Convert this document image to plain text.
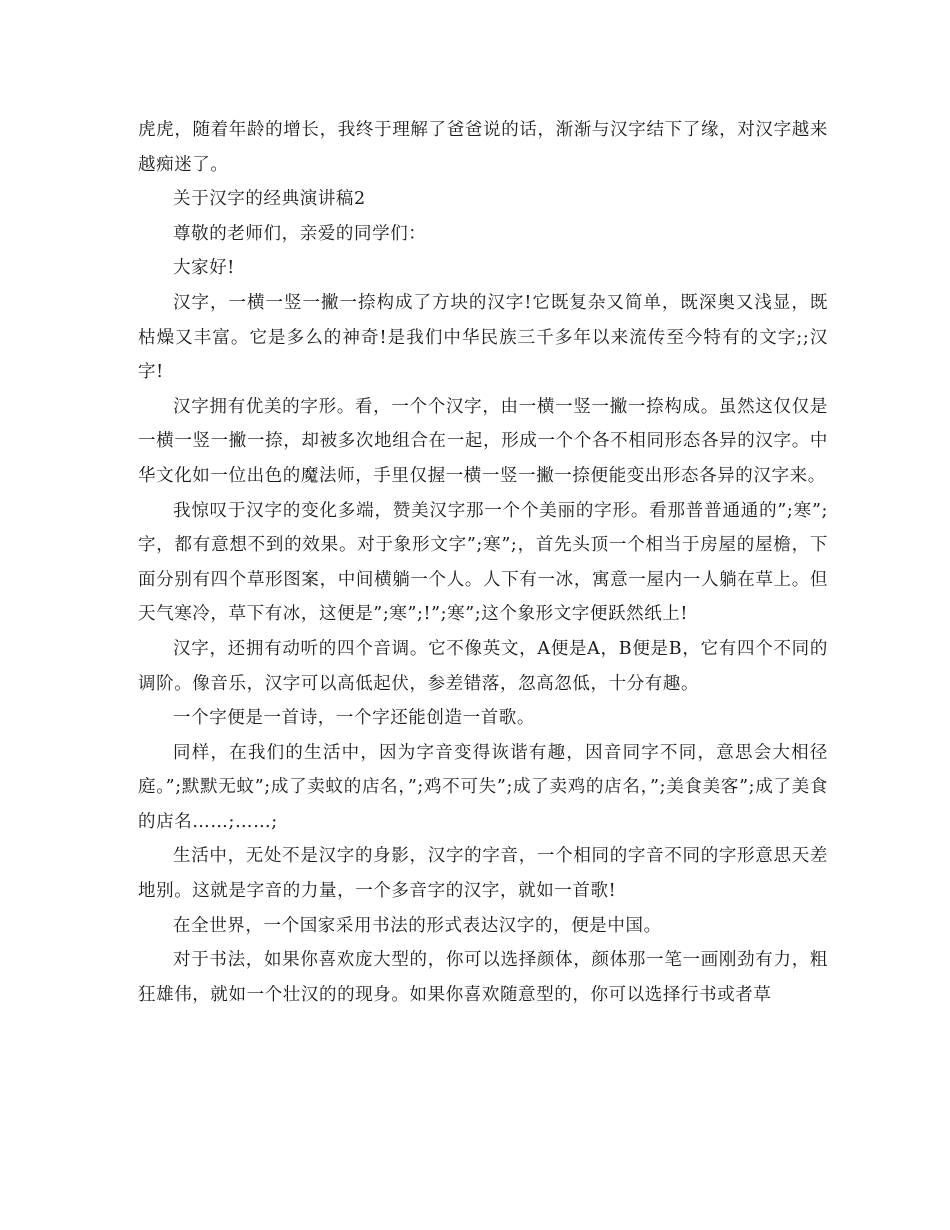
虎虎，随着年龄的增长，我终于理解了爸爸说的话，渐渐与汉字结下了缘，对汉字越来越痴迷了。

关于汉字的经典演讲稿2

尊敬的老师们，亲爱的同学们：

大家好!

汉字，一横一竖一撇一捺构成了方块的汉字!它既复杂又简单，既深奥又浅显，既枯燥又丰富。它是多么的神奇!是我们中华民族三千多年以来流传至今特有的文字;;汉字!

汉字拥有优美的字形。看，一个个汉字，由一横一竖一撇一捺构成。虽然这仅仅是一横一竖一撇一捺，却被多次地组合在一起，形成一个个各不相同形态各异的汉字。中华文化如一位出色的魔法师，手里仅握一横一竖一撇一捺便能变出形态各异的汉字来。

我惊叹于汉字的变化多端，赞美汉字那一个个美丽的字形。看那普普通通的”;寒”;字，都有意想不到的效果。对于象形文字”;寒”;，首先头顶一个相当于房屋的屋檐，下面分别有四个草形图案，中间横躺一个人。人下有一冰，寓意一屋内一人躺在草上。但天气寒冷，草下有冰，这便是”;寒”;!”;寒”;这个象形文字便跃然纸上!

汉字，还拥有动听的四个音调。它不像英文，A便是A，B便是B，它有四个不同的调阶。像音乐，汉字可以高低起伏，参差错落，忽高忽低，十分有趣。

一个字便是一首诗，一个字还能创造一首歌。

同样，在我们的生活中，因为字音变得诙谐有趣，因音同字不同，意思会大相径庭。”;默默无蚊”;成了卖蚊的店名，”;鸡不可失”;成了卖鸡的店名，”;美食美客”;成了美食的店名……;……;

生活中，无处不是汉字的身影，汉字的字音，一个相同的字音不同的字形意思天差地别。这就是字音的力量，一个多音字的汉字，就如一首歌!

在全世界，一个国家采用书法的形式表达汉字的，便是中国。

对于书法，如果你喜欢庞大型的，你可以选择颜体，颜体那一笔一画刚劲有力，粗狂雄伟，就如一个壮汉的的现身。如果你喜欢随意型的，你可以选择行书或者草
